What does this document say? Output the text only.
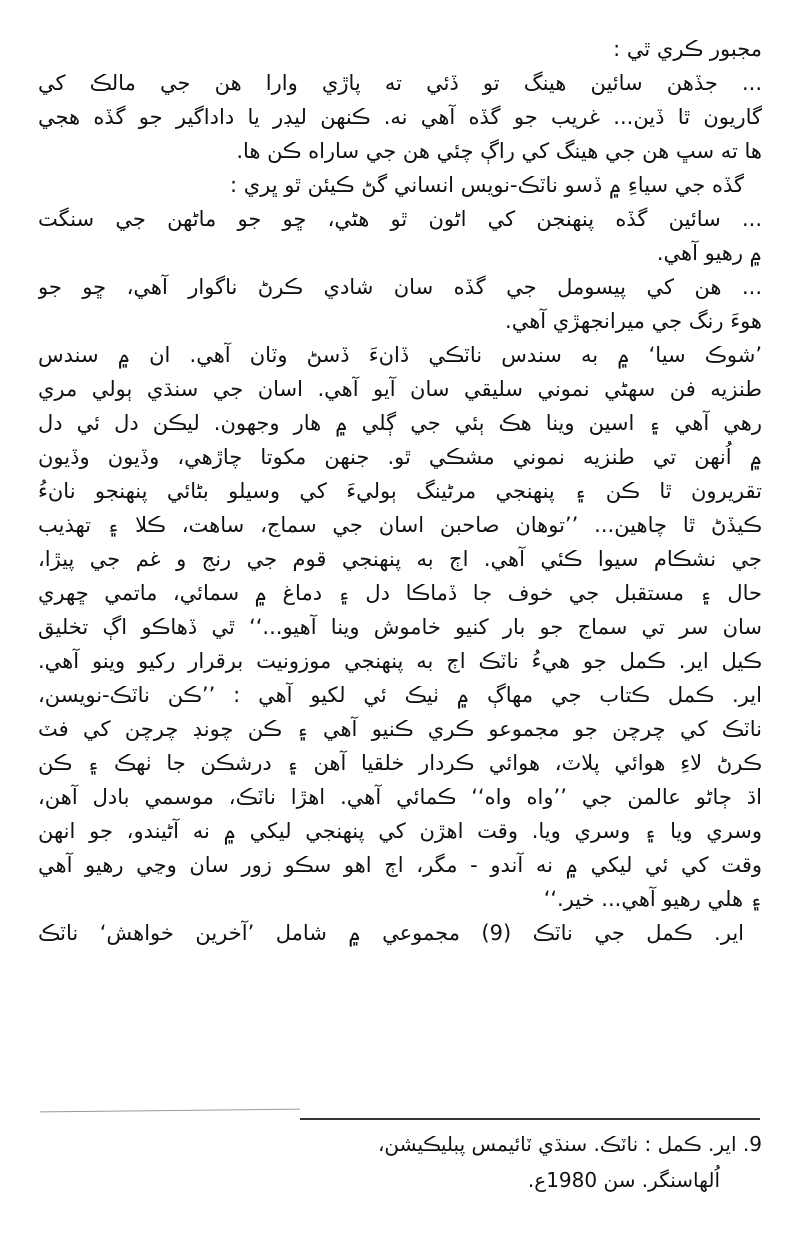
مجبور ڪري ٿي :
... جڏهن سائين هينگ تو ڏئي ته پاڙي وارا هن جي مالڪ کي
گاريون ٿا ڏين... غريب جو گڏه آهي نه. ڪنهن ليڊر يا داداگير جو گڏه هجي
ها ته سڀ هن جي هينگ کي راڳ چئي هن جي ساراه ڪن ها.
گڏه جي سياءِ ۾ ڏسو ناٽڪ-نويس انساني گڻ ڪيئن ٿو ڀري :
... سائين گڏه پنهنجن کي اڻون ٿو هڻي، ڇو جو ماڻهن جي سنگت
۾ رهيو آهي.
... هن کي پيسومل جي گڏه سان شادي ڪرڻ ناگوار آهي، ڇو جو
هوءَ رنگ جي ميرانجهڙي آهي.
’شوڪ سيا‘ ۾ به سندس ناٽڪي ڏانءَ ڏسڻ وٽان آهي. ان ۾ سندس
طنزيه فن سهڻي نموني سليقي سان آيو آهي. اسان جي سنڌي ٻولي مري
رهي آهي ۽ اسين وينا هڪ ٻئي جي ڳلي ۾ هار وجهون. ليڪن دل ئي دل
۾ اُنهن تي طنزيه نموني مشڪي ٿو. جنهن مکوتا چاڙهي، وڏيون وڏيون
تقريرون ٿا ڪن ۽ پنهنجي مرڻينگ ٻوليءَ کي وسيلو بڻائي پنهنجو نانءُ
ڪيڏڻ ٿا چاهين... ’’توهان صاحبن اسان جي سماج، ساهت، ڪلا ۽ تهذيب
جي نشڪام سيوا ڪئي آهي. اڄ به پنهنجي قوم جي رنج و غم جي پيڙا،
حال ۽ مستقبل جي خوف جا ڏماڪا دل ۽ دماغ ۾ سمائي، ماتمي ڇهري
سان سر تي سماج جو بار کنيو خاموش وينا آهيو...‘‘ ٿي ڏهاڪو اڳ تخليق
ڪيل اير. ڪمل جو هيءُ ناٽڪ اڄ به پنهنجي موزونيت برقرار رکيو وينو آهي.
اير. ڪمل ڪتاب جي مهاڳ ۾ ٺيڪ ئي لکيو آهي : ’’ڪن ناٽڪ-نويسن،
ناٽڪ کي چرچن جو مجموعو ڪري ڪنيو آهي ۽ ڪن چونڊ چرچن کي فٽ
ڪرڻ لاءِ هوائي پلاٽ، هوائي ڪردار خلقيا آهن ۽ درشڪن جا ٺهڪ ۽ ڪن
اڌ ڄاڻو عالمن جي ’’واه واه‘‘ ڪمائي آهي. اهڙا ناٽڪ، موسمي بادل آهن،
وسري ويا ۽ وسري ويا. وقت اهڙن کي پنهنجي ليکي ۾ نه آڻيندو، جو انهن
وقت کي ئي ليکي ۾ نه آندو - مگر، اڄ اهو سڪو زور سان وڃي رهيو آهي
۽ هلي رهيو آهي... خير.‘‘
اير. ڪمل جي ناٽڪ (9) مجموعي ۾ شامل ’آخرين خواهش‘ ناٽڪ
9. اير. ڪمل : ناٽڪ. سنڌي ٽائيمس پبليڪيشن،
اُلهاسنگر. سن 1980ع.
